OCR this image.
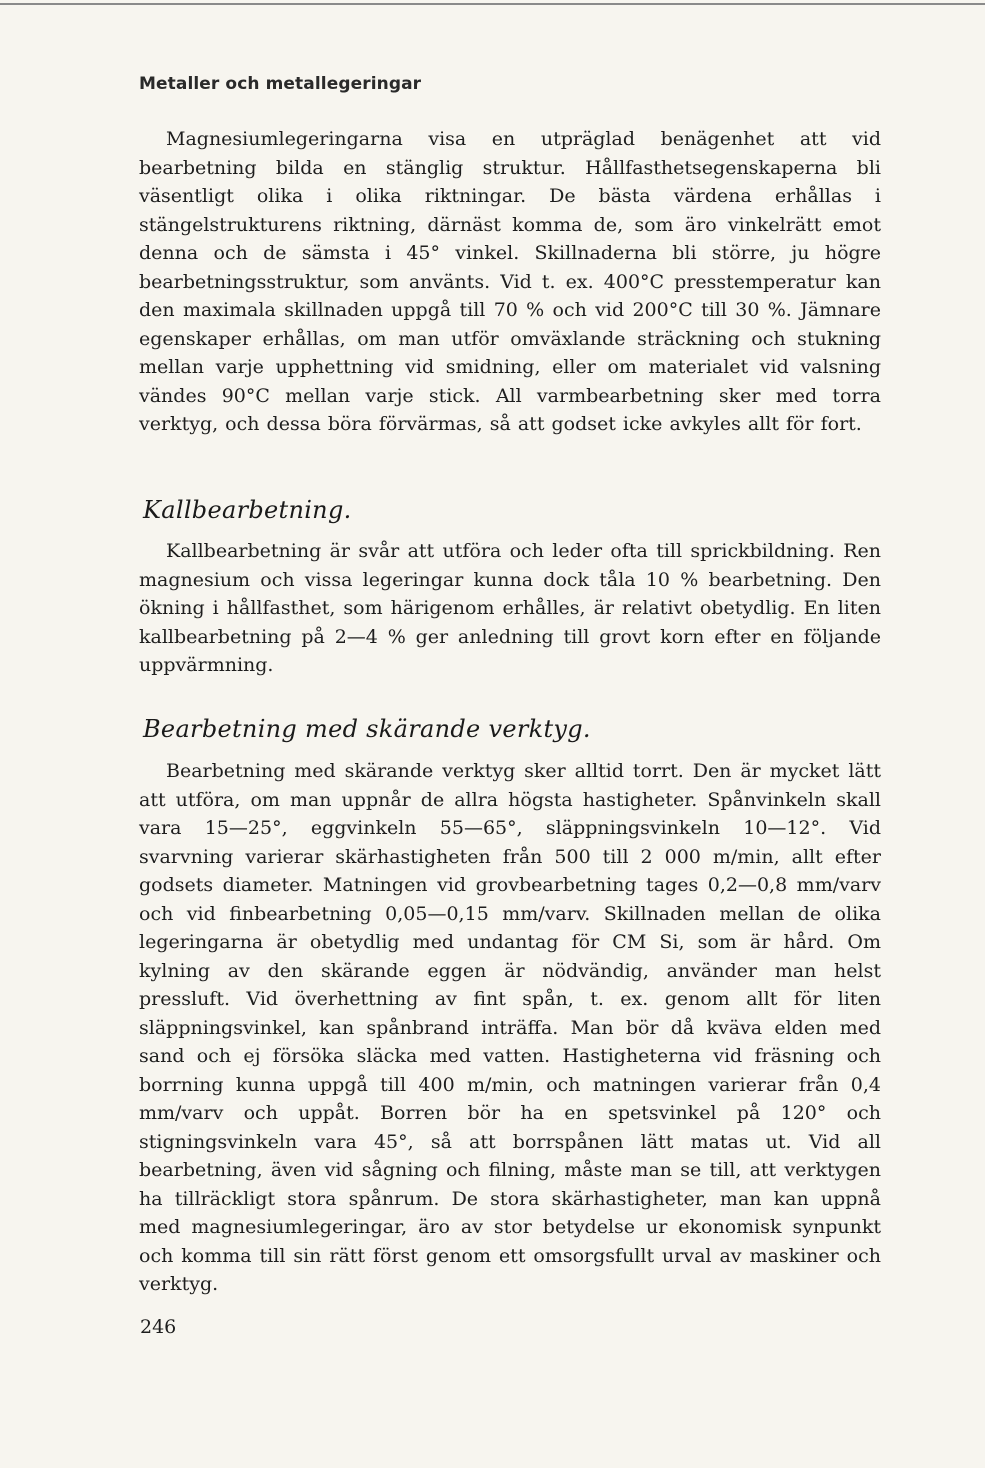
Metaller och metallegeringar
Magnesiumlegeringarna visa en utpräglad benägenhet att vid bearbetning bilda en stänglig struktur. Hållfasthetsegenskaperna bli väsentligt olika i olika riktningar. De bästa värdena erhållas i stängelstrukturens riktning, därnäst komma de, som äro vinkelrätt emot denna och de sämsta i 45° vinkel. Skillnaderna bli större, ju högre bearbetningsstruktur, som använts. Vid t. ex. 400°C presstemperatur kan den maximala skillnaden uppgå till 70 % och vid 200°C till 30 %. Jämnare egenskaper erhållas, om man utför omväxlande sträckning och stukning mellan varje upphettning vid smidning, eller om materialet vid valsning vändes 90°C mellan varje stick. All varmbearbetning sker med torra verktyg, och dessa böra förvärmas, så att godset icke avkyles allt för fort.
Kallbearbetning.
Kallbearbetning är svår att utföra och leder ofta till sprickbildning. Ren magnesium och vissa legeringar kunna dock tåla 10 % bearbetning. Den ökning i hållfasthet, som härigenom erhålles, är relativt obetydlig. En liten kallbearbetning på 2—4 % ger anledning till grovt korn efter en följande uppvärmning.
Bearbetning med skärande verktyg.
Bearbetning med skärande verktyg sker alltid torrt. Den är mycket lätt att utföra, om man uppnår de allra högsta hastigheter. Spånvinkeln skall vara 15—25°, eggvinkeln 55—65°, släppningsvinkeln 10—12°. Vid svarvning varierar skärhastigheten från 500 till 2 000 m/min, allt efter godsets diameter. Matningen vid grovbearbetning tages 0,2—0,8 mm/varv och vid finbearbetning 0,05—0,15 mm/varv. Skillnaden mellan de olika legeringarna är obetydlig med undantag för CM Si, som är hård. Om kylning av den skärande eggen är nödvändig, använder man helst pressluft. Vid överhettning av fint spån, t. ex. genom allt för liten släppningsvinkel, kan spånbrand inträffa. Man bör då kväva elden med sand och ej försöka släcka med vatten. Hastigheterna vid fräsning och borrning kunna uppgå till 400 m/min, och matningen varierar från 0,4 mm/varv och uppåt. Borren bör ha en spetsvinkel på 120° och stigningsvinkeln vara 45°, så att borrspånen lätt matas ut. Vid all bearbetning, även vid sågning och filning, måste man se till, att verktygen ha tillräckligt stora spånrum. De stora skärhastigheter, man kan uppnå med magnesiumlegeringar, äro av stor betydelse ur ekonomisk synpunkt och komma till sin rätt först genom ett omsorgsfullt urval av maskiner och verktyg.
246
